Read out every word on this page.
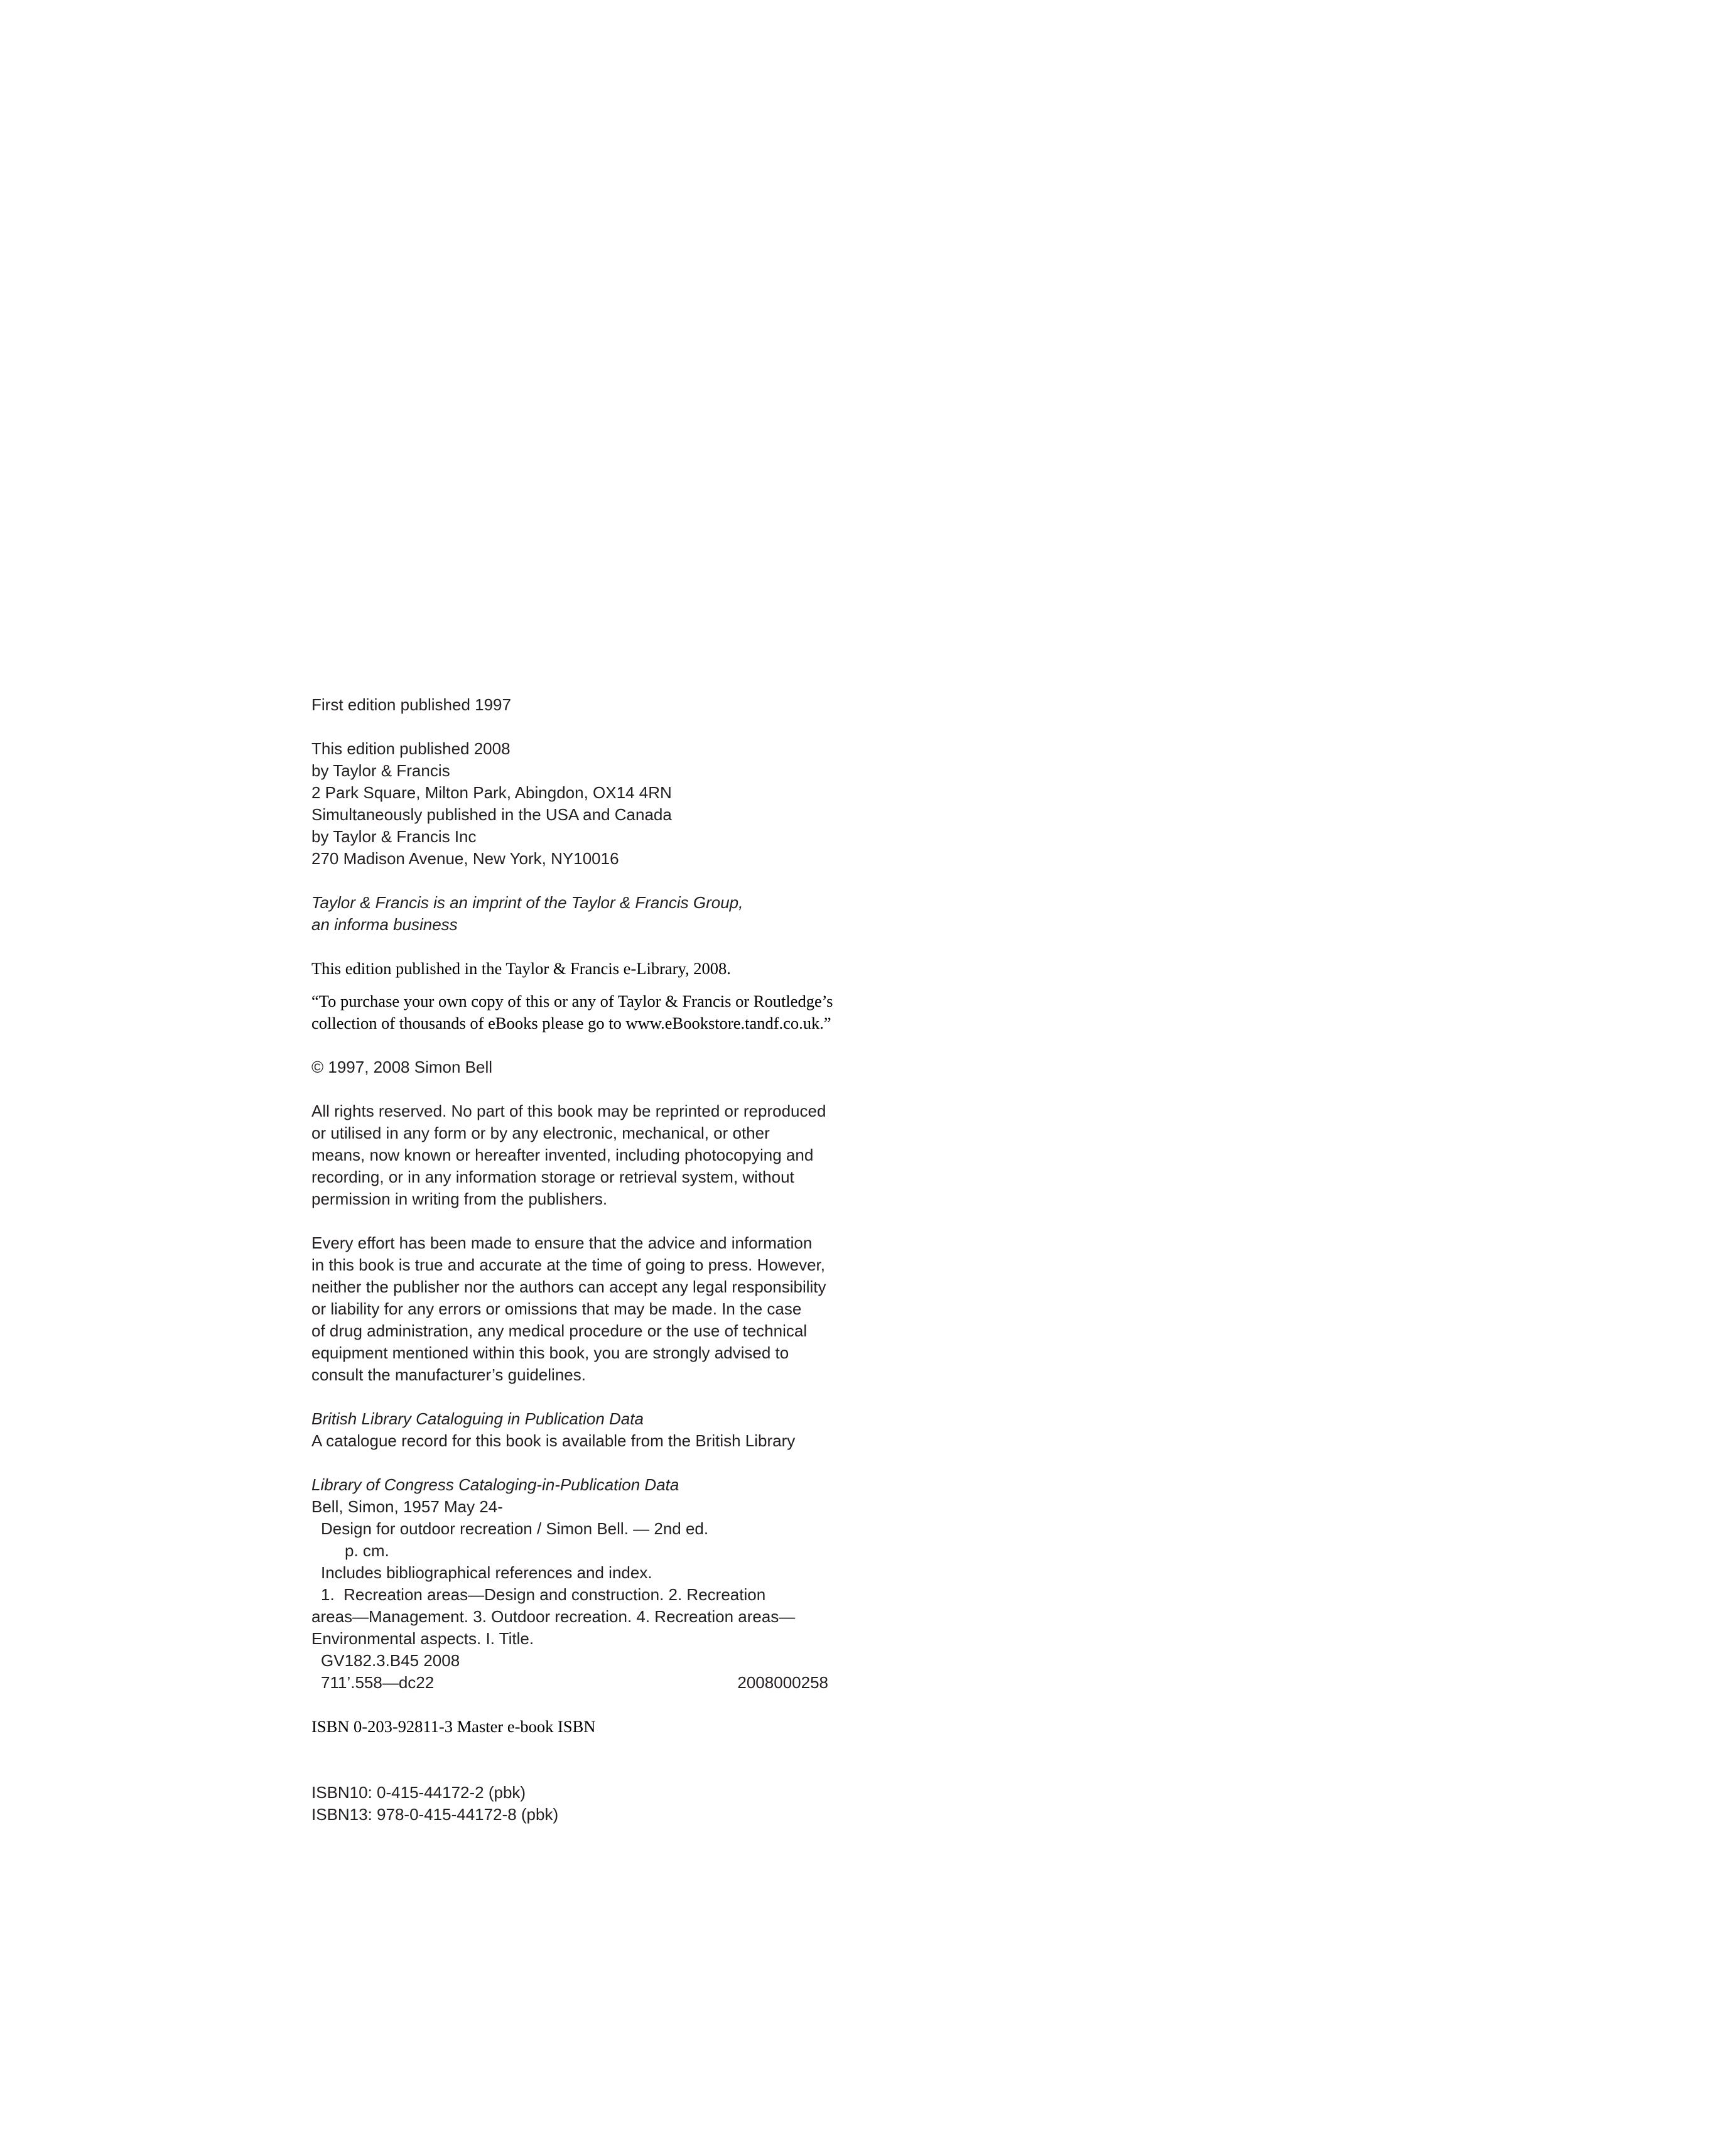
First edition published 1997
This edition published 2008
by Taylor & Francis
2 Park Square, Milton Park, Abingdon, OX14 4RN
Simultaneously published in the USA and Canada
by Taylor & Francis Inc
270 Madison Avenue, New York, NY10016
Taylor & Francis is an imprint of the Taylor & Francis Group,
an informa business
This edition published in the Taylor & Francis e-Library, 2008.
“To purchase your own copy of this or any of Taylor & Francis or Routledge’s
collection of thousands of eBooks please go to www.eBookstore.tandf.co.uk.”
© 1997, 2008 Simon Bell
All rights reserved. No part of this book may be reprinted or reproduced
or utilised in any form or by any electronic, mechanical, or other
means, now known or hereafter invented, including photocopying and
recording, or in any information storage or retrieval system, without
permission in writing from the publishers.
Every effort has been made to ensure that the advice and information
in this book is true and accurate at the time of going to press. However,
neither the publisher nor the authors can accept any legal responsibility
or liability for any errors or omissions that may be made. In the case
of drug administration, any medical procedure or the use of technical
equipment mentioned within this book, you are strongly advised to
consult the manufacturer’s guidelines.
British Library Cataloguing in Publication Data
A catalogue record for this book is available from the British Library
Library of Congress Cataloging-in-Publication Data
Bell, Simon, 1957 May 24-
Design for outdoor recreation / Simon Bell. — 2nd ed.
p. cm.
Includes bibliographical references and index.
1.  Recreation areas—Design and construction. 2. Recreation
areas—Management. 3. Outdoor recreation. 4. Recreation areas—
Environmental aspects. I. Title.
GV182.3.B45 2008
711’.558—dc22	2008000258
ISBN 0-203-92811-3 Master e-book ISBN
ISBN10: 0-415-44172-2 (pbk)
ISBN13: 978-0-415-44172-8 (pbk)
